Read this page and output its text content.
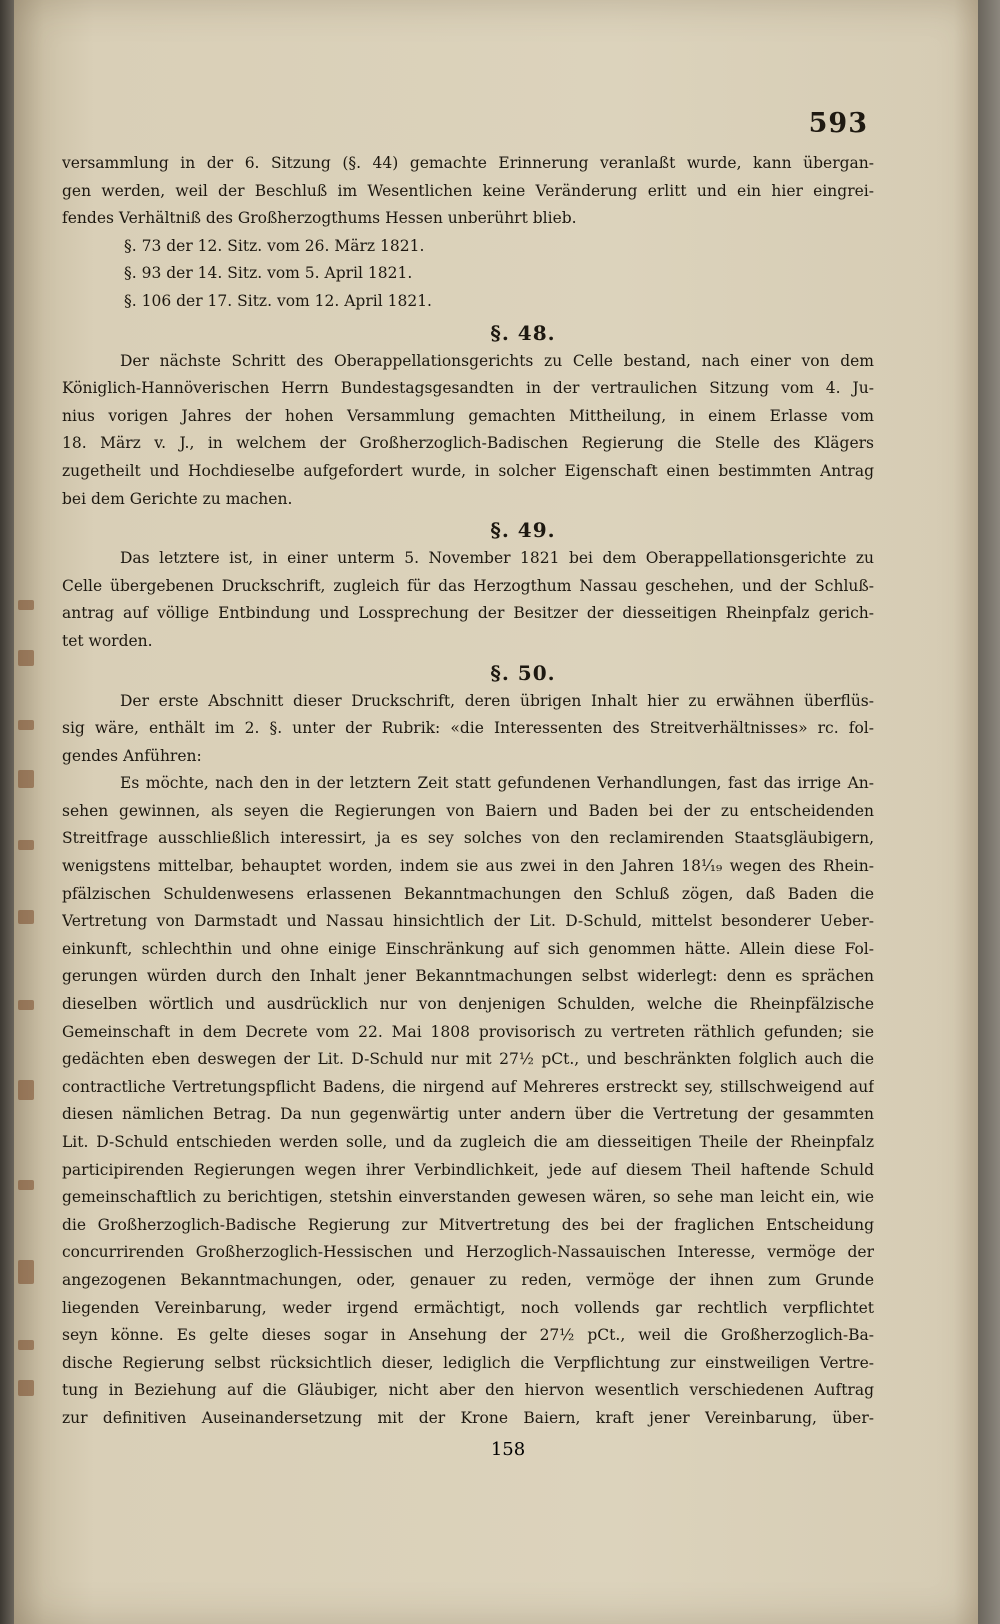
593
versammlung in der 6. Sitzung (§. 44) gemachte Erinnerung veranlaßt wurde, kann übergan-
gen werden, weil der Beschluß im Wesentlichen keine Veränderung erlitt und ein hier eingrei-
fendes Verhältniß des Großherzogthums Hessen unberührt blieb.
§. 73 der 12. Sitz. vom 26. März 1821.
§. 93 der 14. Sitz. vom 5. April 1821.
§. 106 der 17. Sitz. vom 12. April 1821.
§. 48.
Der nächste Schritt des Oberappellationsgerichts zu Celle bestand, nach einer von dem
Königlich-Hannöverischen Herrn Bundestagsgesandten in der vertraulichen Sitzung vom 4. Ju-
nius vorigen Jahres der hohen Versammlung gemachten Mittheilung, in einem Erlasse vom
18. März v. J., in welchem der Großherzoglich-Badischen Regierung die Stelle des Klägers
zugetheilt und Hochdieselbe aufgefordert wurde, in solcher Eigenschaft einen bestimmten Antrag
bei dem Gerichte zu machen.
§. 49.
Das letztere ist, in einer unterm 5. November 1821 bei dem Oberappellationsgerichte zu
Celle übergebenen Druckschrift, zugleich für das Herzogthum Nassau geschehen, und der Schluß-
antrag auf völlige Entbindung und Lossprechung der Besitzer der diesseitigen Rheinpfalz gerich-
tet worden.
§. 50.
Der erste Abschnitt dieser Druckschrift, deren übrigen Inhalt hier zu erwähnen überflüs-
sig wäre, enthält im 2. §. unter der Rubrik: «die Interessenten des Streitverhältnisses» rc. fol-
gendes Anführen:
Es möchte, nach den in der letztern Zeit statt gefundenen Verhandlungen, fast das irrige An-
sehen gewinnen, als seyen die Regierungen von Baiern und Baden bei der zu entscheidenden
Streitfrage ausschließlich interessirt, ja es sey solches von den reclamirenden Staatsgläubigern,
wenigstens mittelbar, behauptet worden, indem sie aus zwei in den Jahren 18¹⁄₁₉ wegen des Rhein-
pfälzischen Schuldenwesens erlassenen Bekanntmachungen den Schluß zögen, daß Baden die
Vertretung von Darmstadt und Nassau hinsichtlich der Lit. D-Schuld, mittelst besonderer Ueber-
einkunft, schlechthin und ohne einige Einschränkung auf sich genommen hätte. Allein diese Fol-
gerungen würden durch den Inhalt jener Bekanntmachungen selbst widerlegt: denn es sprächen
dieselben wörtlich und ausdrücklich nur von denjenigen Schulden, welche die Rheinpfälzische
Gemeinschaft in dem Decrete vom 22. Mai 1808 provisorisch zu vertreten räthlich gefunden; sie
gedächten eben deswegen der Lit. D-Schuld nur mit 27½ pCt., und beschränkten folglich auch die
contractliche Vertretungspflicht Badens, die nirgend auf Mehreres erstreckt sey, stillschweigend auf
diesen nämlichen Betrag. Da nun gegenwärtig unter andern über die Vertretung der gesammten
Lit. D-Schuld entschieden werden solle, und da zugleich die am diesseitigen Theile der Rheinpfalz
participirenden Regierungen wegen ihrer Verbindlichkeit, jede auf diesem Theil haftende Schuld
gemeinschaftlich zu berichtigen, stetshin einverstanden gewesen wären, so sehe man leicht ein, wie
die Großherzoglich-Badische Regierung zur Mitvertretung des bei der fraglichen Entscheidung
concurrirenden Großherzoglich-Hessischen und Herzoglich-Nassauischen Interesse, vermöge der
angezogenen Bekanntmachungen, oder, genauer zu reden, vermöge der ihnen zum Grunde
liegenden Vereinbarung, weder irgend ermächtigt, noch vollends gar rechtlich verpflichtet
seyn könne. Es gelte dieses sogar in Ansehung der 27½ pCt., weil die Großherzoglich-Ba-
dische Regierung selbst rücksichtlich dieser, lediglich die Verpflichtung zur einstweiligen Vertre-
tung in Beziehung auf die Gläubiger, nicht aber den hiervon wesentlich verschiedenen Auftrag
zur definitiven Auseinandersetzung mit der Krone Baiern, kraft jener Vereinbarung, über-
158
